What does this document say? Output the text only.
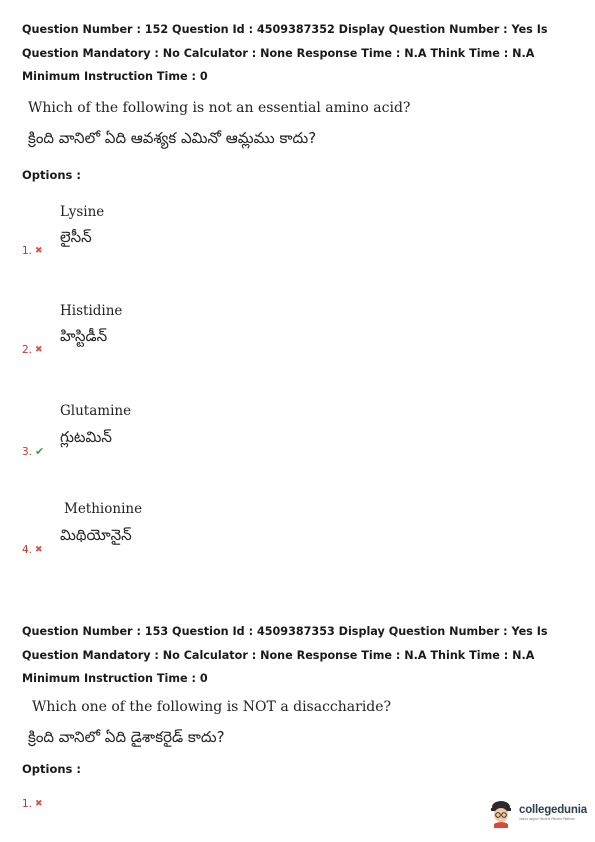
Question Number : 152 Question Id : 4509387352 Display Question Number : Yes Is Question Mandatory : No Calculator : None Response Time : N.A Think Time : N.A Minimum Instruction Time : 0
Which of the following is not an essential amino acid?
క్రింది వానిలో ఏది ఆవశ్యక ఎమినో ఆమ్లము కాదు?
Options :
Lysine
లైసీన్
1. ✖
Histidine
హిస్టిడీన్
2. ✖
Glutamine
గ్లుటమిన్
3. ✔
Methionine
మిథియోనైన్
4. ✖
Question Number : 153 Question Id : 4509387353 Display Question Number : Yes Is Question Mandatory : No Calculator : None Response Time : N.A Think Time : N.A Minimum Instruction Time : 0
Which one of the following is NOT a disaccharide?
క్రింది వానిలో ఏది డైశాకరైడ్ కాదు?
Options :
1. ✖	collegedunia
India's largest Student Review Platform
